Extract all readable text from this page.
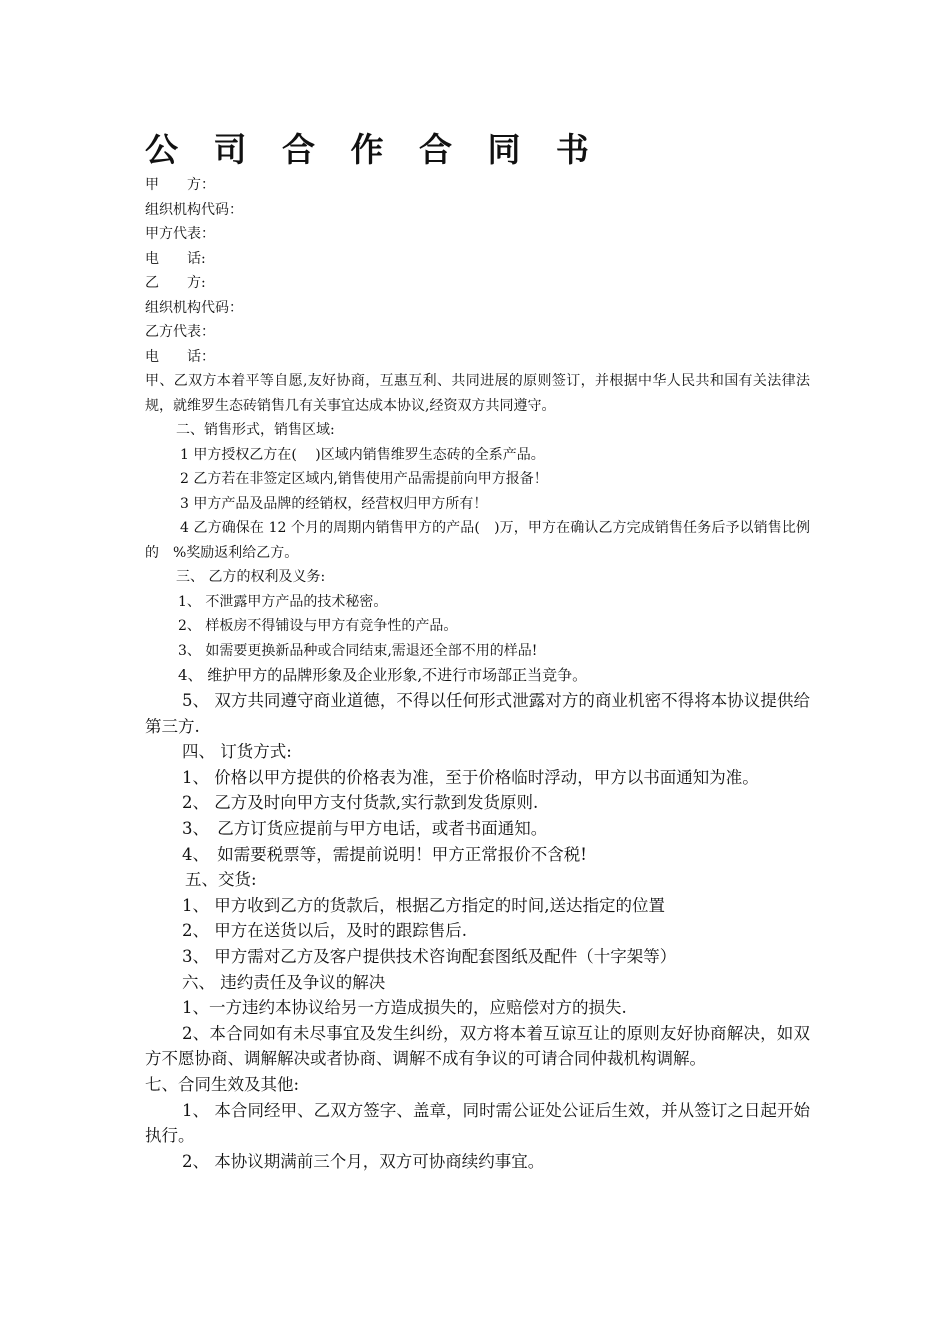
公 司 合 作 合 同 书

甲　　方：

组织机构代码：

甲方代表：

电　　话:

乙　　方:

组织机构代码：

乙方代表：

电　　话：

甲、乙双方本着平等自愿,友好协商，互惠互利、共同进展的原则签订，并根据中华人民共和国有关法律法规，就维罗生态砖销售几有关事宜达成本协议,经资双方共同遵守。

二、销售形式，销售区域:

1 甲方授权乙方在(　 )区域内销售维罗生态砖的全系产品。

2 乙方若在非签定区域内,销售使用产品需提前向甲方报备！

3 甲方产品及品牌的经销权，经营权归甲方所有！

4 乙方确保在 12 个月的周期内销售甲方的产品(　)万，甲方在确认乙方完成销售任务后予以销售比例的　%奖励返利给乙方。

三、 乙方的权利及义务:

1、 不泄露甲方产品的技术秘密。

2、 样板房不得铺设与甲方有竞争性的产品。

3、 如需要更换新品种或合同结束,需退还全部不用的样品!

4、 维护甲方的品牌形象及企业形象,不进行市场部正当竞争。

5、 双方共同遵守商业道德，不得以任何形式泄露对方的商业机密不得将本协议提供给第三方.

四、 订货方式:

1、 价格以甲方提供的价格表为准，至于价格临时浮动，甲方以书面通知为准。

2、 乙方及时向甲方支付货款,实行款到发货原则.

3、　乙方订货应提前与甲方电话，或者书面通知。

4、　如需要税票等，需提前说明！甲方正常报价不含税!

五、交货:

1、 甲方收到乙方的货款后，根据乙方指定的时间,送达指定的位置

2、 甲方在送货以后，及时的跟踪售后.

3、 甲方需对乙方及客户提供技术咨询配套图纸及配件（十字架等）

六、 违约责任及争议的解决

1、一方违约本协议给另一方造成损失的，应赔偿对方的损失.

2、本合同如有未尽事宜及发生纠纷，双方将本着互谅互让的原则友好协商解决，如双方不愿协商、调解解决或者协商、调解不成有争议的可请合同仲裁机构调解。

七、合同生效及其他:

1、 本合同经甲、乙双方签字、盖章，同时需公证处公证后生效，并从签订之日起开始执行。

2、 本协议期满前三个月，双方可协商续约事宜。
